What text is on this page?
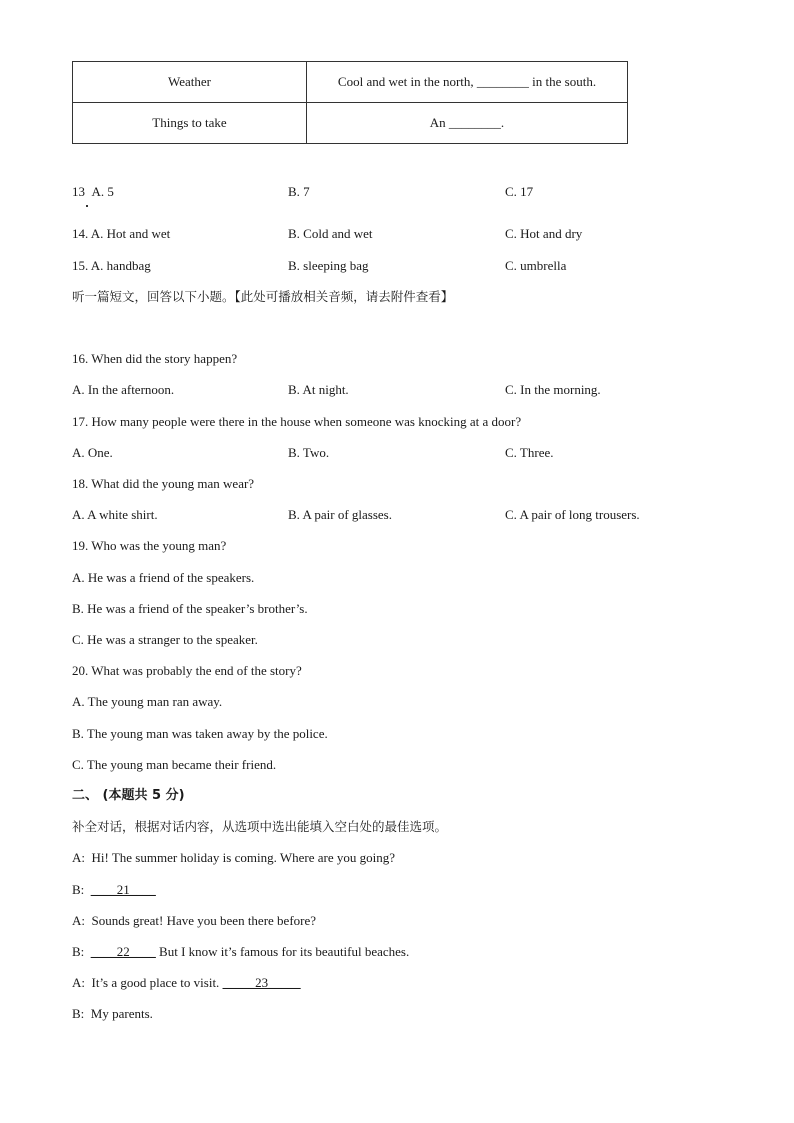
Weather	Cool and wet in the north, ________ in the south.
Things to take	An ________.
13 A. 5	B. 7	C. 17
14. A. Hot and wet	B. Cold and wet	C. Hot and dry
15. A. handbag	B. sleeping bag	C. umbrella
听一篇短文，回答以下小题。【此处可播放相关音频，请去附件查看】
16. When did the story happen?
A. In the afternoon.	B. At night.	C. In the morning.
17. How many people were there in the house when someone was knocking at a door?
A. One.	B. Two.	C. Three.
18. What did the young man wear?
A. A white shirt.	B. A pair of glasses.	C. A pair of long trousers.
19. Who was the young man?
A. He was a friend of the speakers.
B. He was a friend of the speaker’s brother’s.
C. He was a stranger to the speaker.
20. What was probably the end of the story?
A. The young man ran away.
B. The young man was taken away by the police.
C. The young man became their friend.
二、 (本题共 5 分)
补全对话，根据对话内容，从选项中选出能填入空白处的最佳选项。
A: Hi! The summer holiday is coming. Where are you going?
B: ____21____
A: Sounds great! Have you been there before?
B: ____22____ But I know it’s famous for its beautiful beaches.
A: It’s a good place to visit. _____23_____
B: My parents.
